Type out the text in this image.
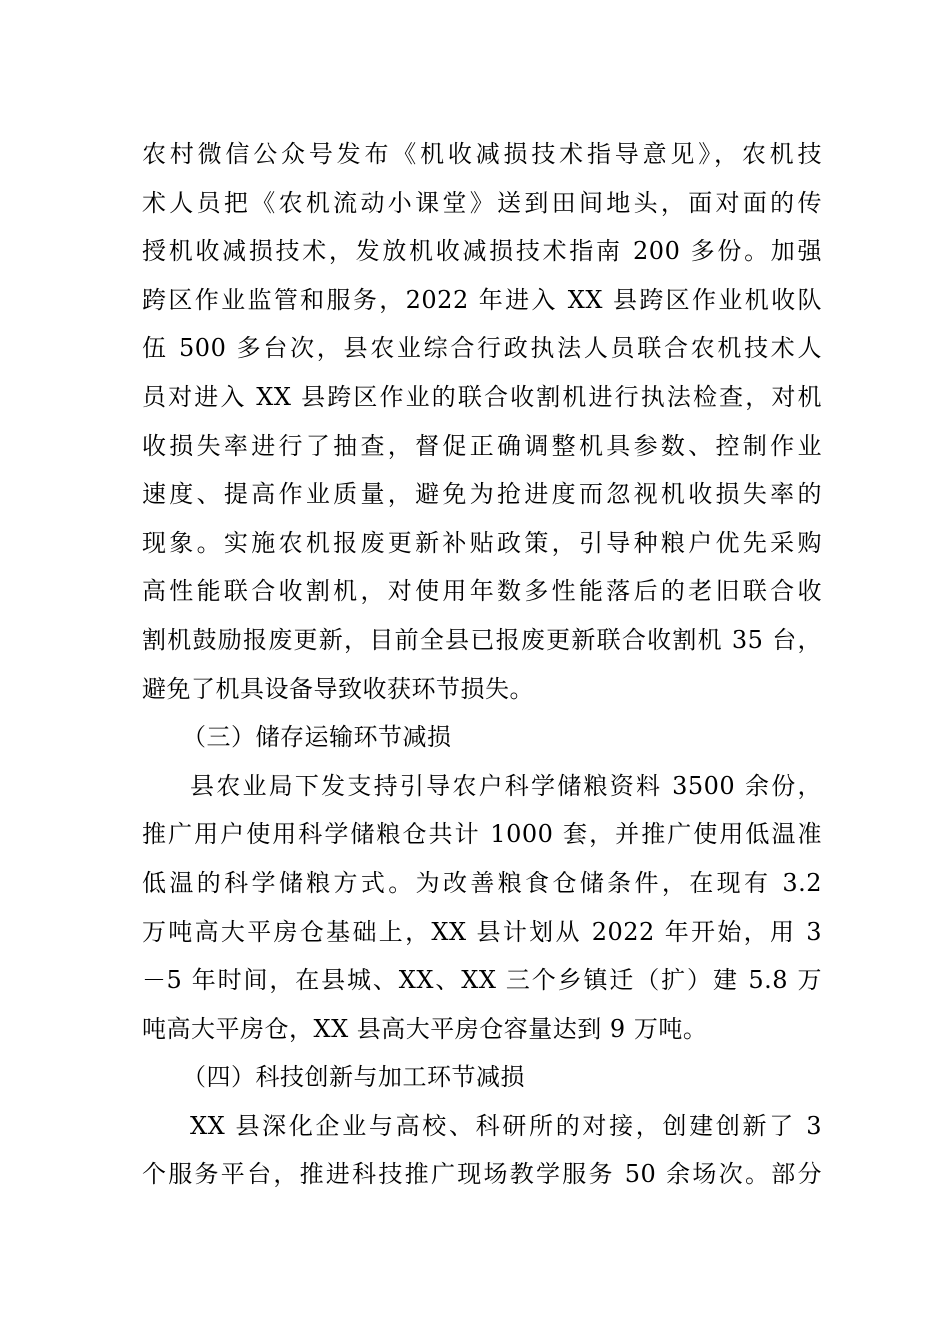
农村微信公众号发布《机收减损技术指导意见》，农机技
术人员把《农机流动小课堂》送到田间地头，面对面的传
授机收减损技术，发放机收减损技术指南 200 多份。加强
跨区作业监管和服务，2022 年进入 XX 县跨区作业机收队
伍 500 多台次，县农业综合行政执法人员联合农机技术人
员对进入 XX 县跨区作业的联合收割机进行执法检查，对机
收损失率进行了抽查，督促正确调整机具参数、控制作业
速度、提高作业质量，避免为抢进度而忽视机收损失率的
现象。实施农机报废更新补贴政策，引导种粮户优先采购
高性能联合收割机，对使用年数多性能落后的老旧联合收
割机鼓励报废更新，目前全县已报废更新联合收割机 35 台，
避免了机具设备导致收获环节损失。
（三）储存运输环节减损
县农业局下发支持引导农户科学储粮资料 3500 余份，
推广用户使用科学储粮仓共计 1000 套，并推广使用低温准
低温的科学储粮方式。为改善粮食仓储条件，在现有 3.2
万吨高大平房仓基础上，XX 县计划从 2022 年开始，用 3
－5 年时间，在县城、XX、XX 三个乡镇迁（扩）建 5.8 万
吨高大平房仓，XX 县高大平房仓容量达到 9 万吨。
（四）科技创新与加工环节减损
XX 县深化企业与高校、科研所的对接，创建创新了 3
个服务平台，推进科技推广现场教学服务 50 余场次。部分
